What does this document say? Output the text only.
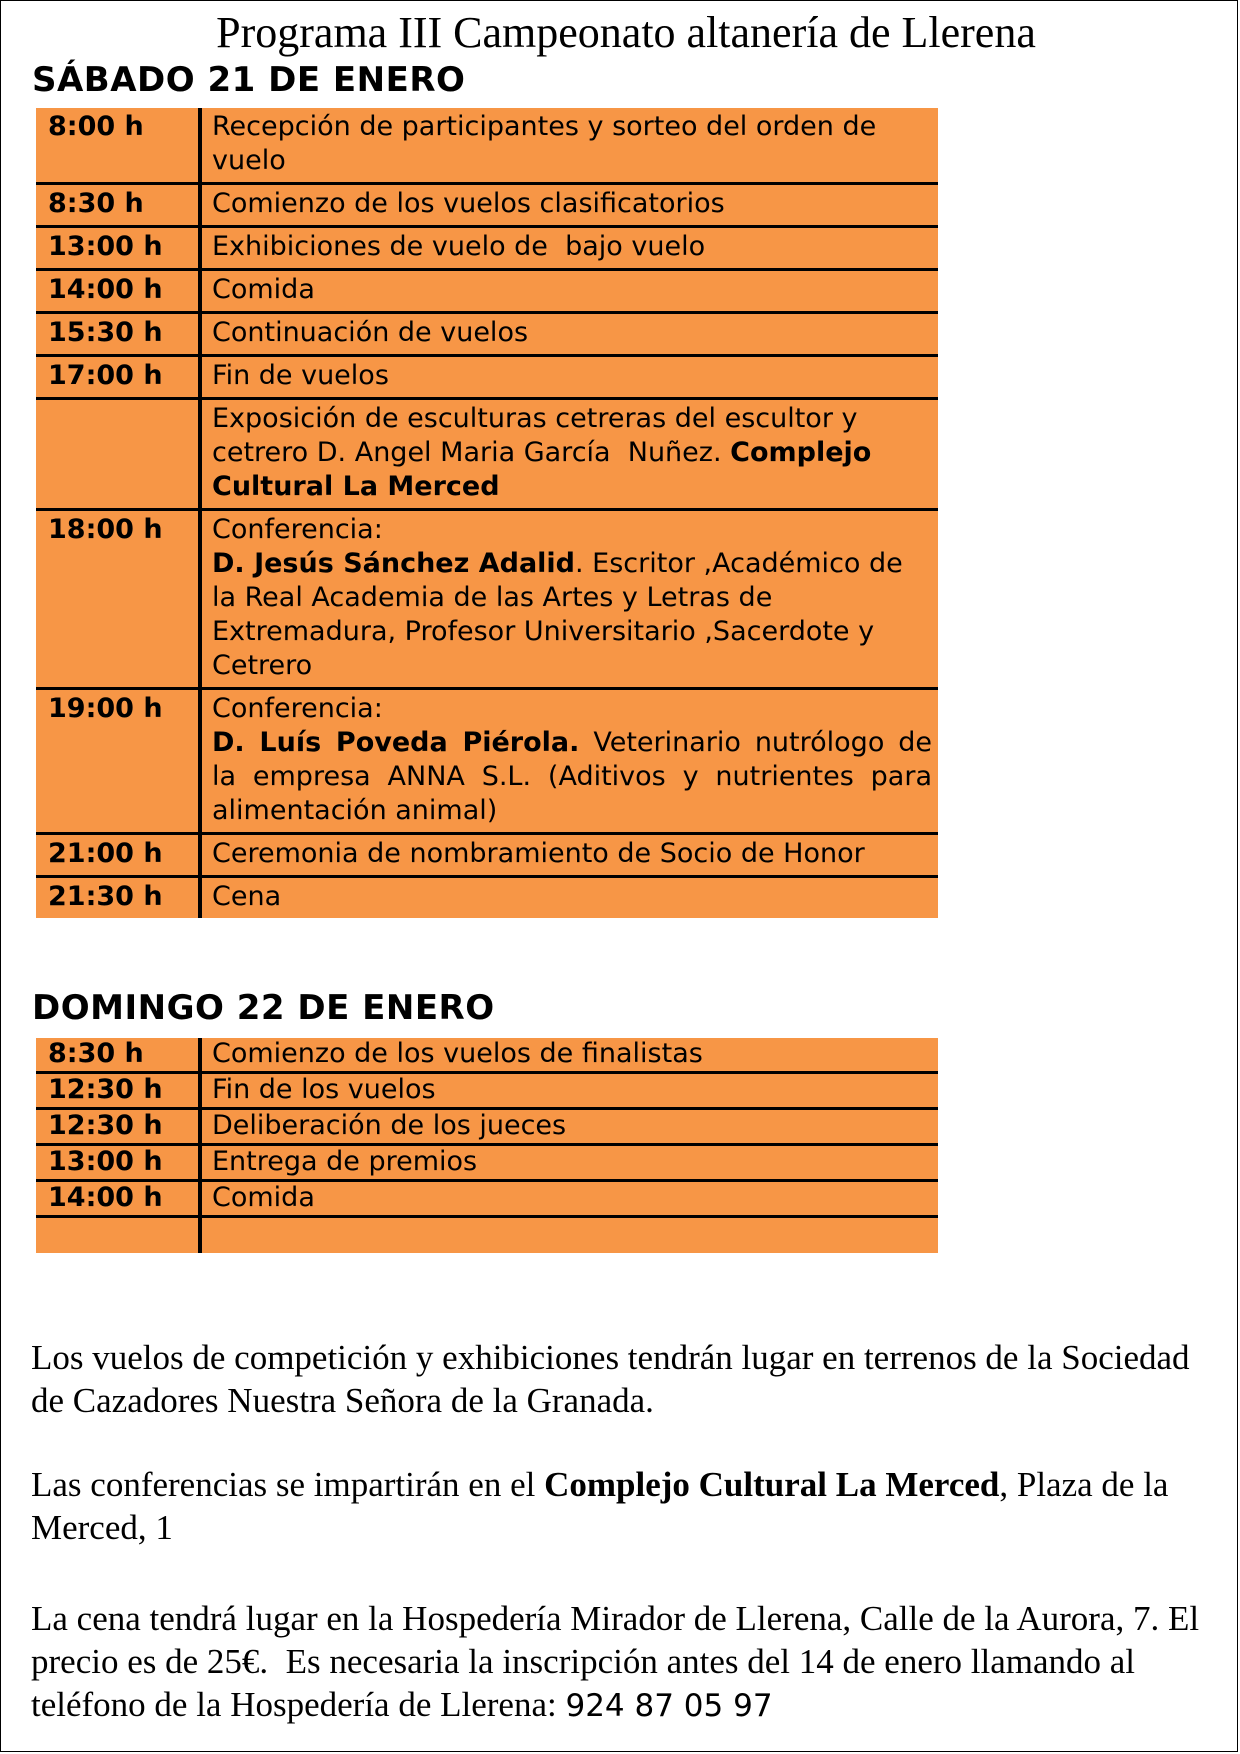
Programa III Campeonato altanería de Llerena
SÁBADO 21 DE ENERO
8:00 h	Recepción de participantes y sorteo del orden de vuelo
8:30 h	Comienzo de los vuelos clasificatorios
13:00 h	Exhibiciones de vuelo de  bajo vuelo
14:00 h	Comida
15:30 h	Continuación de vuelos
17:00 h	Fin de vuelos
	Exposición de esculturas cetreras del escultor y cetrero D. Angel Maria García  Nuñez. Complejo Cultural La Merced
18:00 h	Conferencia:
D. Jesús Sánchez Adalid. Escritor ,Académico de la Real Academia de las Artes y Letras de Extremadura, Profesor Universitario ,Sacerdote y Cetrero

19:00 h	Conferencia:
D. Luís Poveda Piérola. Veterinario nutrólogo de la empresa ANNA S.L. (Aditivos y nutrientes para alimentación animal)

21:00 h	Ceremonia de nombramiento de Socio de Honor
21:30 h	Cena
DOMINGO 22 DE ENERO
8:30 h	Comienzo de los vuelos de finalistas
12:30 h	Fin de los vuelos
12:30 h	Deliberación de los jueces
13:00 h	Entrega de premios
14:00 h	Comida

Los vuelos de competición y exhibiciones tendrán lugar en terrenos de la Sociedad de Cazadores Nuestra Señora de la Granada.
Las conferencias se impartirán en el Complejo Cultural La Merced, Plaza de la Merced, 1
La cena tendrá lugar en la Hospedería Mirador de Llerena, Calle de la Aurora, 7. El precio es de 25€.  Es necesaria la inscripción antes del 14 de enero llamando al teléfono de la Hospedería de Llerena: 924 87 05 97
